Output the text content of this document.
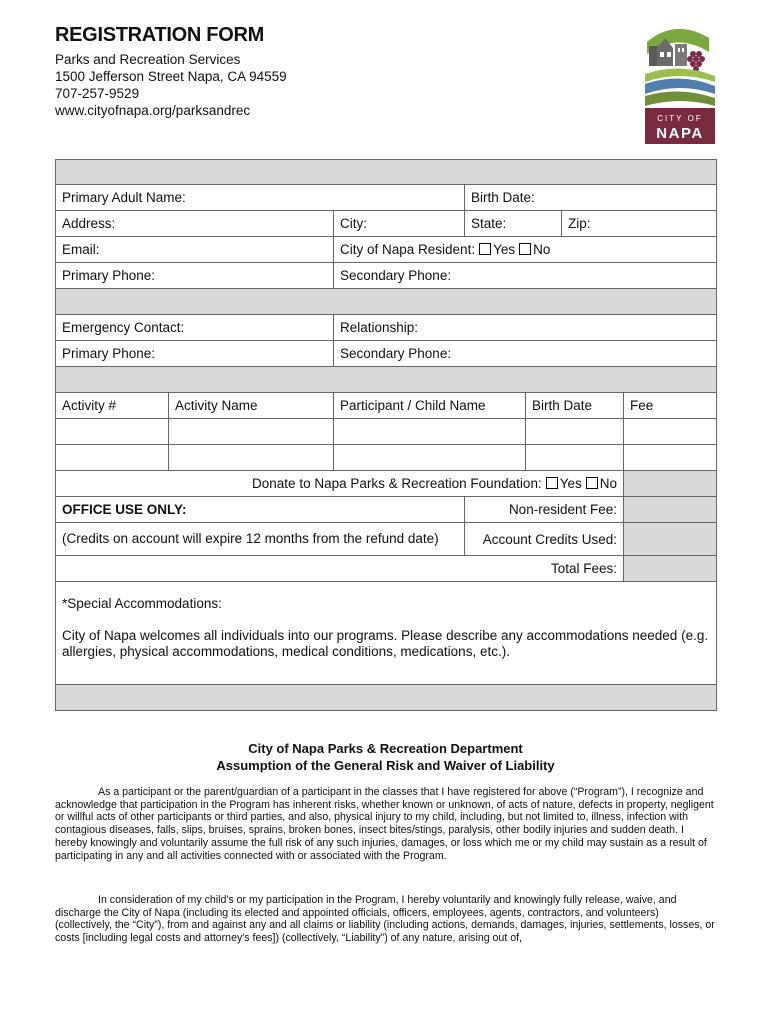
REGISTRATION FORM
Parks and Recreation Services
1500 Jefferson Street Napa, CA 94559
707-257-9529
www.cityofnapa.org/parksandrec
CITY OF
NAPA

Primary Adult Name:			Birth Date:			
Address:		City:	State:		Zip:	
Email:		City of Napa Resident: Yes No				
Primary Phone:		Secondary Phone:				

Emergency Contact:		Relationship:				
Primary Phone:		Secondary Phone:				

Activity #	Activity Name	Participant / Child Name		Birth Date		Fee

Donate to Napa Parks & Recreation Foundation: Yes No						
OFFICE USE ONLY:			Non-resident Fee:			
(Credits on account will expire 12 months from the refund date)			Account Credits Used:			
Total Fees:						

*Special Accommodations:
City of Napa welcomes all individuals into our programs. Please describe any accommodations needed (e.g. allergies, physical accommodations, medical conditions, medications, etc.).						

City of Napa Parks & Recreation Department
Assumption of the General Risk and Waiver of Liability
As a participant or the parent/guardian of a participant in the classes that I have registered for above (“Program”), I recognize and acknowledge that participation in the Program has inherent risks, whether known or unknown, of acts of nature, defects in property, negligent or willful acts of other participants or third parties, and also, physical injury to my child, including, but not limited to, illness, infection with contagious diseases, falls, slips, bruises, sprains, broken bones, insect bites/stings, paralysis, other bodily injuries and sudden death. I hereby knowingly and voluntarily assume the full risk of any such injuries, damages, or loss which me or my child may sustain as a result of participating in any and all activities connected with or associated with the Program.
In consideration of my child's or my participation in the Program, I hereby voluntarily and knowingly fully release, waive, and discharge the City of Napa (including its elected and appointed officials, officers, employees, agents, contractors, and volunteers) (collectively, the “City”), from and against any and all claims or liability (including actions, demands, damages, injuries, settlements, losses, or costs [including legal costs and attorney's fees]) (collectively, “Liability”) of any nature, arising out of,
